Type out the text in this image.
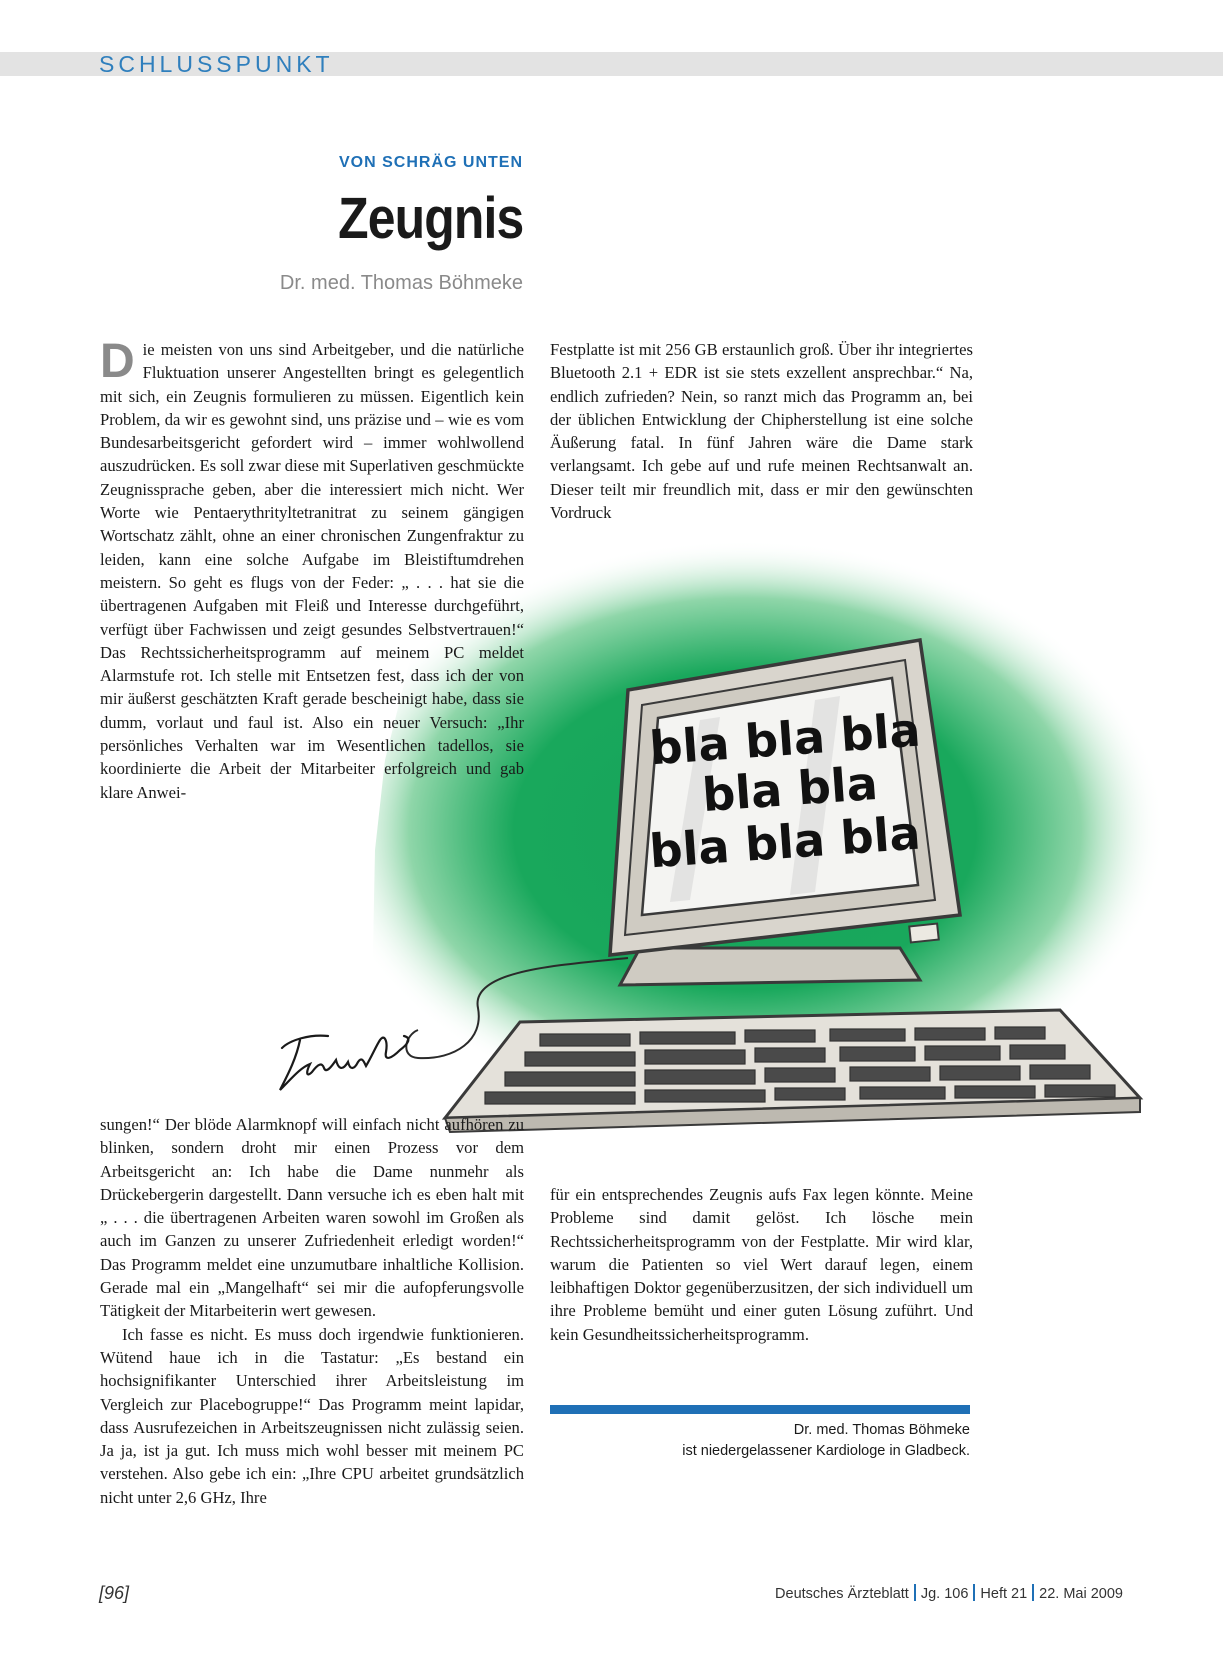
SCHLUSSPUNKT
VON SCHRÄG UNTEN
Zeugnis
Dr. med. Thomas Böhmeke
bla bla bla
bla bla
bla bla bla
Franke

Die meisten von uns sind Arbeitgeber, und die natürliche Fluktuation unserer Angestellten bringt es gelegentlich mit sich, ein Zeugnis formulieren zu müssen. Eigentlich kein Problem, da wir es gewohnt sind, uns präzise und – wie es vom Bundesarbeitsgericht gefordert wird – immer wohlwollend auszudrücken. Es soll zwar diese mit Superlativen geschmückte Zeugnissprache geben, aber die interessiert mich nicht. Wer Worte wie Pentaerythrityltetranitrat zu seinem gängigen Wortschatz zählt, ohne an einer chronischen Zungenfraktur zu leiden, kann eine solche Aufgabe im Bleistiftumdrehen meistern. So geht es flugs von der Feder: „ . . . hat sie die übertragenen Aufgaben mit Fleiß und Interesse durchgeführt, verfügt über Fachwissen und zeigt gesundes Selbstvertrauen!“ Das Rechtssicherheitsprogramm auf meinem PC meldet Alarmstufe rot. Ich stelle mit Entsetzen fest, dass ich der von mir äußerst geschätzten Kraft gerade bescheinigt habe, dass sie dumm, vorlaut und faul ist. Also ein neuer Versuch: „Ihr persönliches Verhalten war im Wesentlichen tadellos, sie koordinierte die Arbeit der Mitarbeiter erfolgreich und gab klare Anwei-

sungen!“ Der blöde Alarmknopf will einfach nicht aufhören zu blinken, sondern droht mir einen Prozess vor dem Arbeitsgericht an: Ich habe die Dame nunmehr als Drückebergerin dargestellt. Dann versuche ich es eben halt mit „ . . . die übertragenen Arbeiten waren sowohl im Großen als auch im Ganzen zu unserer Zufriedenheit erledigt worden!“ Das Programm meldet eine unzumutbare inhaltliche Kollision. Gerade mal ein „Mangelhaft“ sei mir die aufopferungsvolle Tätigkeit der Mitarbeiterin wert gewesen.

Ich fasse es nicht. Es muss doch irgendwie funktionieren. Wütend haue ich in die Tastatur: „Es bestand ein hochsignifikanter Unterschied ihrer Arbeitsleistung im Vergleich zur Placebogruppe!“ Das Programm meint lapidar, dass Ausrufezeichen in Arbeitszeugnissen nicht zulässig seien. Ja ja, ist ja gut. Ich muss mich wohl besser mit meinem PC verstehen. Also gebe ich ein: „Ihre CPU arbeitet grundsätzlich nicht unter 2,6 GHz, Ihre

Festplatte ist mit 256 GB erstaunlich groß. Über ihr integriertes Bluetooth 2.1 + EDR ist sie stets exzellent ansprechbar.“ Na, endlich zufrieden? Nein, so ranzt mich das Programm an, bei der üblichen Entwicklung der Chipherstellung ist eine solche Äußerung fatal. In fünf Jahren wäre die Dame stark verlangsamt. Ich gebe auf und rufe meinen Rechtsanwalt an. Dieser teilt mir freundlich mit, dass er mir den gewünschten Vordruck

für ein entsprechendes Zeugnis aufs Fax legen könnte. Meine Probleme sind damit gelöst. Ich lösche mein Rechtssicherheitsprogramm von der Festplatte. Mir wird klar, warum die Patienten so viel Wert darauf legen, einem leibhaftigen Doktor gegenüberzusitzen, der sich individuell um ihre Probleme bemüht und einer guten Lösung zuführt. Und kein Gesundheitssicherheitsprogramm.

Dr. med. Thomas Böhmeke
ist niedergelassener Kardiologe in Gladbeck.
[96]	Deutsches Ärzteblatt Jg. 106 Heft 21 22. Mai 2009
